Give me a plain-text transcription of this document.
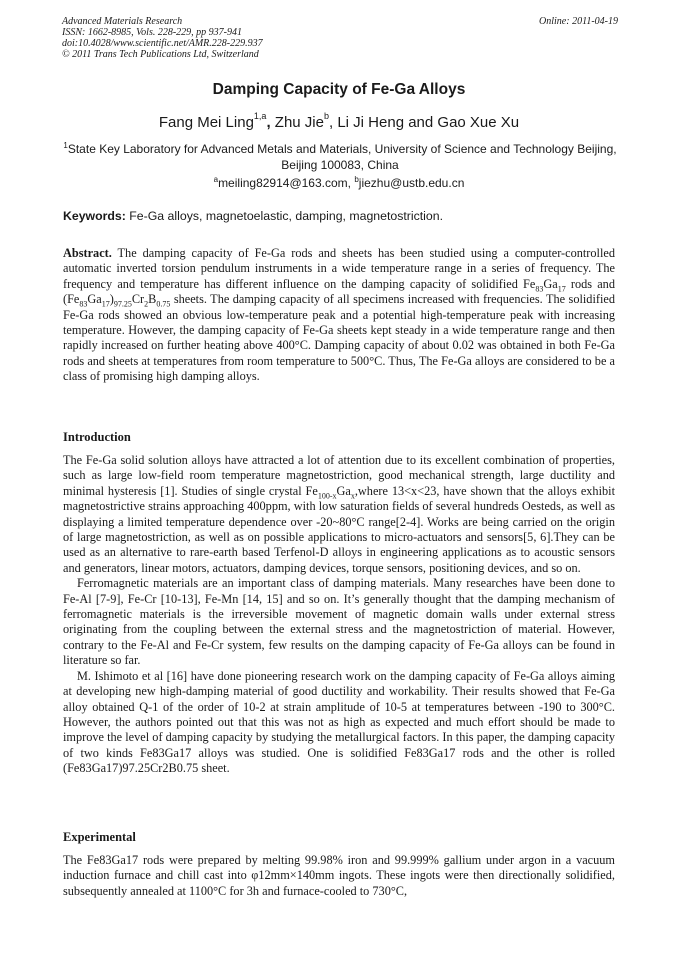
Advanced Materials Research
ISSN: 1662-8985, Vols. 228-229, pp 937-941
doi:10.4028/www.scientific.net/AMR.228-229.937
© 2011 Trans Tech Publications Ltd, Switzerland
Online: 2011-04-19
Damping Capacity of Fe-Ga Alloys
Fang Mei Ling$^{1,a}$, Zhu Jie$^b$, Li Ji Heng and Gao Xue Xu
$^1$State Key Laboratory for Advanced Metals and Materials, University of Science and Technology Beijing, Beijing 100083, China
$^a$meiling82914@163.com, $^b$jiezhu@ustb.edu.cn
Keywords: Fe-Ga alloys, magnetoelastic, damping, magnetostriction.

Abstract. The damping capacity of Fe-Ga rods and sheets has been studied using a computer-controlled automatic inverted torsion pendulum instruments in a wide temperature range in a series of frequency. The frequency and temperature has different influence on the damping capacity of solidified $Fe_{83}Ga_{17}$ rods and $(Fe_{83}Ga_{17})_{97.25}Cr_2B_{0.75}$ sheets. The damping capacity of all specimens increased with frequencies. The solidified Fe-Ga rods showed an obvious low-temperature peak and a potential high-temperature peak with increasing temperature. However, the damping capacity of Fe-Ga sheets kept steady in a wide temperature range and then rapidly increased on further heating above 400°C. Damping capacity of about 0.02 was obtained in both Fe-Ga rods and sheets at temperatures from room temperature to 500°C. Thus, The Fe-Ga alloys are considered to be a class of promising high damping alloys.

Introduction

The Fe-Ga solid solution alloys have attracted a lot of attention due to its excellent combination of properties, such as large low-field room temperature magnetostriction, good mechanical strength, large ductility and minimal hysteresis [1]. Studies of single crystal $Fe_{100-x}Ga_x,where$ 13<x<23, have shown that the alloys exhibit magnetostrictive strains approaching 400ppm, with low saturation fields of several hundreds Oesteds, as well as displaying a limited temperature dependence over -20~80°C range[2-4]. Works are being carried on the origin of large magnetostriction, as well as on possible applications to micro-actuators and sensors[5, 6].They can be used as an alternative to rare-earth based Terfenol-D alloys in engineering applications as to acoustic sensors and generators, linear motors, actuators, damping devices, torque sensors, positioning devices, and so on.

Ferromagnetic materials are an important class of damping materials. Many researches have been done to Fe-Al [7-9], Fe-Cr [10-13], Fe-Mn [14, 15] and so on. It’s generally thought that the damping mechanism of ferromagnetic materials is the irreversible movement of magnetic domain walls under external stress originating from the coupling between the external stress and the magnetostriction of material. However, contrary to the Fe-Al and Fe-Cr system, few results on the damping capacity of Fe-Ga alloys can be found in literature so far.

M. Ishimoto et al [16] have done pioneering research work on the damping capacity of Fe-Ga alloys aiming at developing new high-damping material of good ductility and workability. Their results showed that Fe-Ga alloy obtained Q-1 of the order of 10-2 at strain amplitude of 10-5 at temperatures between -190 to 300°C. However, the authors pointed out that this was not as high as expected and much effort should be made to improve the level of damping capacity by studying the metallurgical factors. In this paper, the damping capacity of two kinds Fe83Ga17 alloys was studied. One is solidified Fe83Ga17 rods and the other is rolled (Fe83Ga17)97.25Cr2B0.75 sheet.

Experimental

The Fe83Ga17 rods were prepared by melting 99.98% iron and 99.999% gallium under argon in a vacuum induction furnace and chill cast into φ12mm×140mm ingots. These ingots were then directionally solidified, subsequently annealed at 1100°C for 3h and furnace-cooled to 730°C,
